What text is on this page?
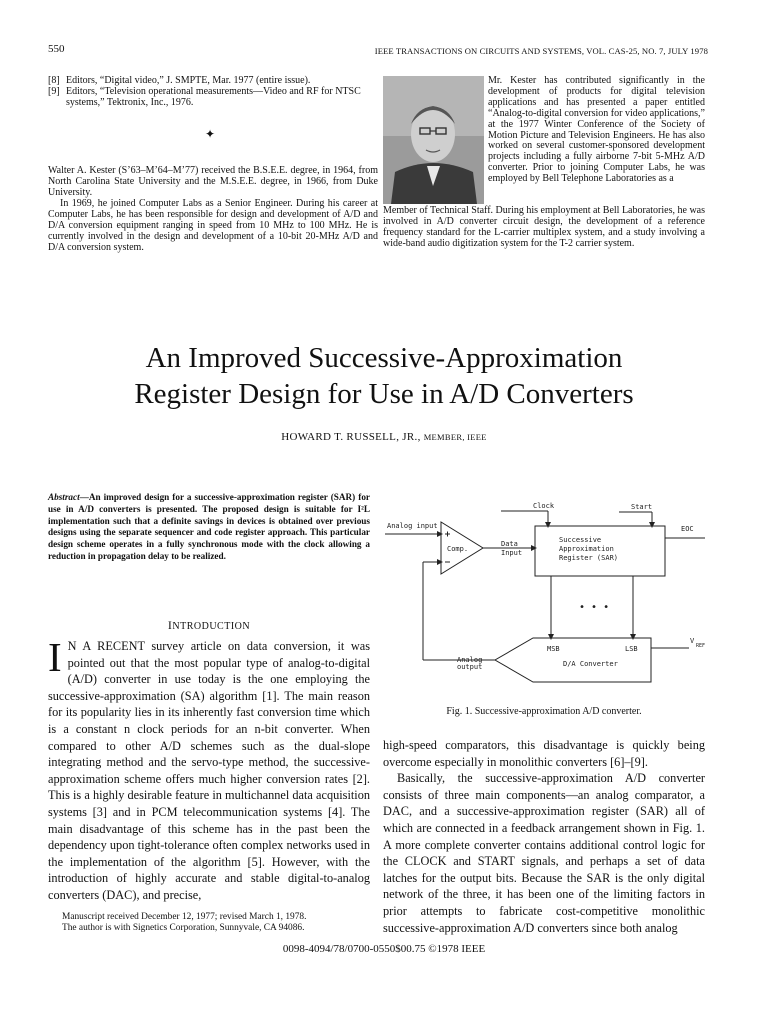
550	IEEE TRANSACTIONS ON CIRCUITS AND SYSTEMS, VOL. CAS-25, NO. 7, JULY 1978
[8] Editors, “Digital video,” J. SMPTE, Mar. 1977 (entire issue).
[9] Editors, “Television operational measurements—Video and RF for NTSC systems,” Tektronix, Inc., 1976.
✦

Walter A. Kester (S’63–M’64–M’77) received the B.S.E.E. degree, in 1964, from North Carolina State University and the M.S.E.E. degree, in 1966, from Duke University.

In 1969, he joined Computer Labs as a Senior Engineer. During his career at Computer Labs, he has been responsible for design and development of A/D and D/A conversion equipment ranging in speed from 10 MHz to 100 MHz. He is currently involved in the design and development of a 10-bit 20-MHz A/D and D/A conversion system.

Mr. Kester has contributed significantly in the development of products for digital television applications and has presented a paper entitled “Analog-to-digital conversion for video applications,” at the 1977 Winter Conference of the Society of Motion Picture and Television Engineers. He has also worked on several customer-sponsored development projects including a fully airborne 7-bit 5-MHz A/D converter. Prior to joining Computer Labs, he was employed by Bell Telephone Laboratories as a
Member of Technical Staff. During his employment at Bell Laboratories, he was involved in A/D converter circuit design, the development of a reference frequency standard for the L-carrier multiplex system, and a study involving a wide-band audio digitization system for the T-2 carrier system.
An Improved Successive-Approximation
Register Design for Use in A/D Converters
HOWARD T. RUSSELL, JR., MEMBER, IEEE
Abstract—An improved design for a successive-approximation register (SAR) for use in A/D converters is presented. The proposed design is suitable for I²L implementation such that a definite savings in devices is obtained over previous designs using the separate sequencer and code register approach. This particular design scheme operates in a fully synchronous mode with the clock allowing a reduction in propagation delay to be realized.
INTRODUCTION

I N A RECENT survey article on data conversion, it was pointed out that the most popular type of analog-to-digital (A/D) converter in use today is the one employing the successive-approximation (SA) algorithm [1]. The main reason for its popularity lies in its inherently fast conversion time which is a constant n clock periods for an n-bit converter. When compared to other A/D schemes such as the dual-slope integrating method and the servo-type method, the successive-approximation scheme offers much higher conversion rates [2]. This is a highly desirable feature in multichannel data acquisition systems [3] and in PCM telecommunication systems [4]. The main disadvantage of this scheme has in the past been the dependency upon tight-tolerance often complex networks used in the implementation of the algorithm [5]. However, with the introduction of highly accurate and stable digital-to-analog converters (DAC), and precise,

Manuscript received December 12, 1977; revised March 1, 1978.

The author is with Signetics Corporation, Sunnyvale, CA 94086.

Clock	Start
Analog input	EOC
Comp.
Data
Input
Successive
Approximation
Register (SAR)
• • •
MSB	LSB
V
REF
Analog
output	D/A Converter
Fig. 1. Successive-approximation A/D converter.

high-speed comparators, this disadvantage is quickly being overcome especially in monolithic converters [6]–[9].

Basically, the successive-approximation A/D converter consists of three main components—an analog comparator, a DAC, and a successive-approximation register (SAR) all of which are connected in a feedback arrangement shown in Fig. 1. A more complete converter contains additional control logic for the CLOCK and START signals, and perhaps a set of data latches for the output bits. Because the SAR is the only digital network of the three, it has been one of the limiting factors in prior attempts to fabricate cost-competitive monolithic successive-approximation A/D converters since both analog

0098-4094/78/0700-0550$00.75 ©1978 IEEE
